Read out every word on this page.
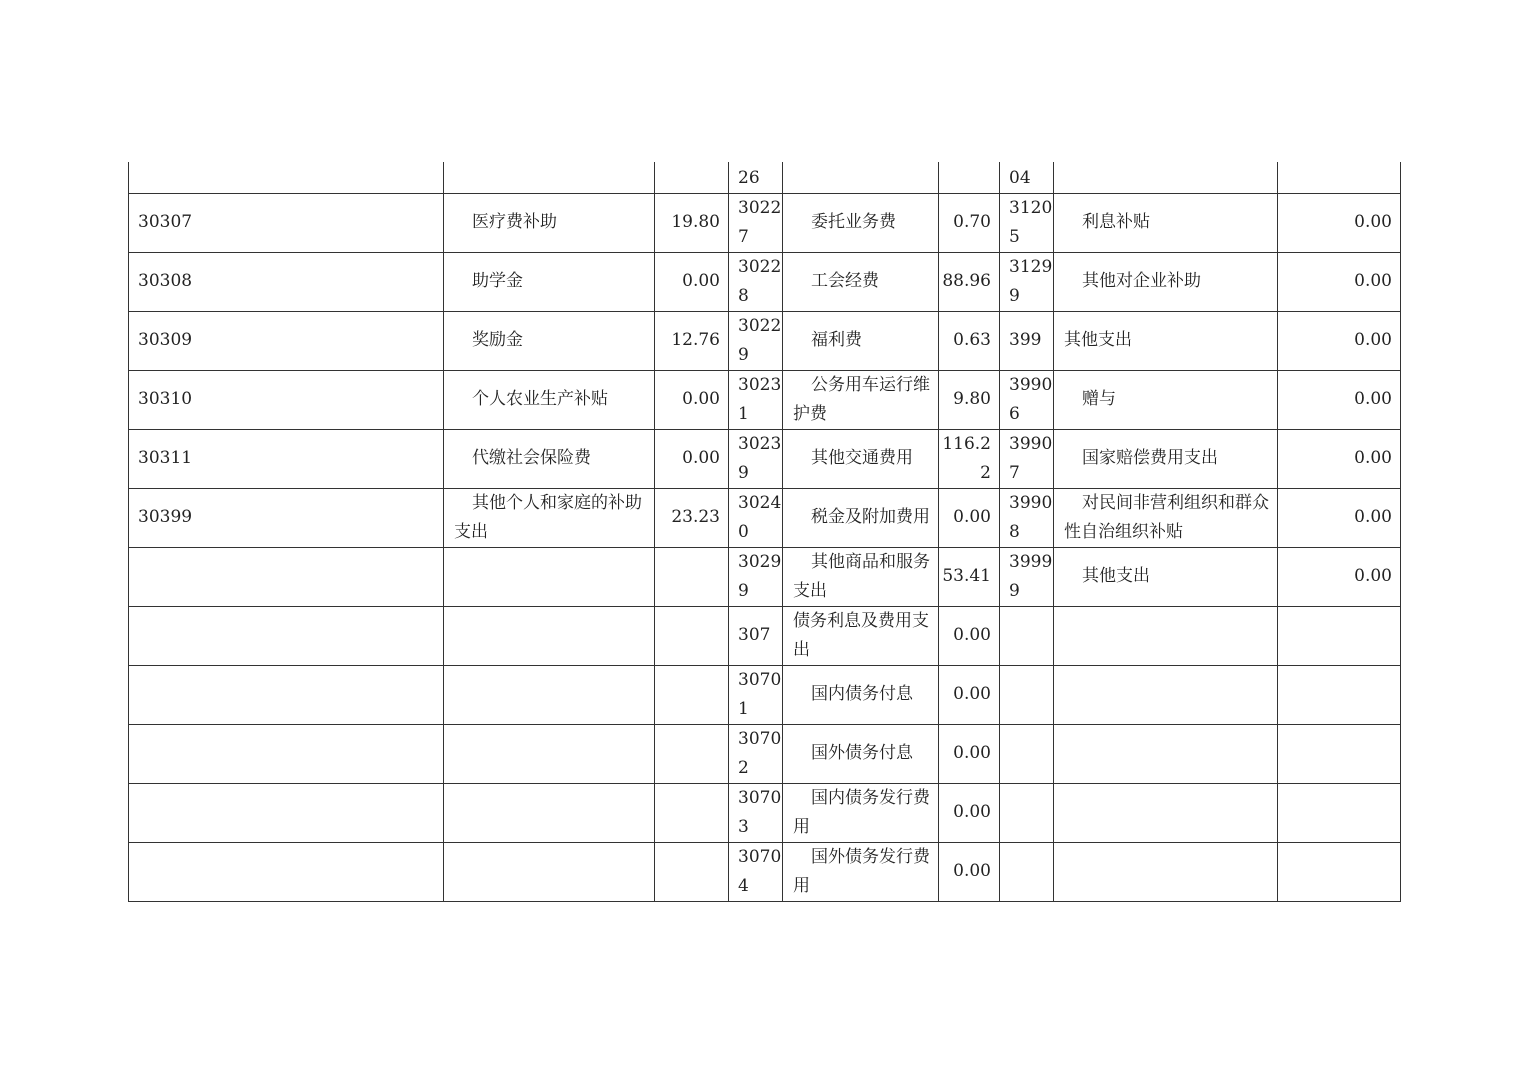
			26			04		
30307	医疗费补助	19.80	30227	委托业务费	0.70	31205	利息补贴	0.00
30308	助学金	0.00	30228	工会经费	88.96	31299	其他对企业补助	0.00
30309	奖励金	12.76	30229	福利费	0.63	399	其他支出	0.00
30310	个人农业生产补贴	0.00	30231	公务用车运行维护费	9.80	39906	赠与	0.00
30311	代缴社会保险费	0.00	30239	其他交通费用	116.22	39907	国家赔偿费用支出	0.00
30399	其他个人和家庭的补助支出	23.23	30240	税金及附加费用	0.00	39908	对民间非营利组织和群众性自治组织补贴	0.00
			30299	其他商品和服务支出	53.41	39999	其他支出	0.00
			307	债务利息及费用支出	0.00			
			30701	国内债务付息	0.00			
			30702	国外债务付息	0.00			
			30703	国内债务发行费用	0.00			
			30704	国外债务发行费用	0.00			
